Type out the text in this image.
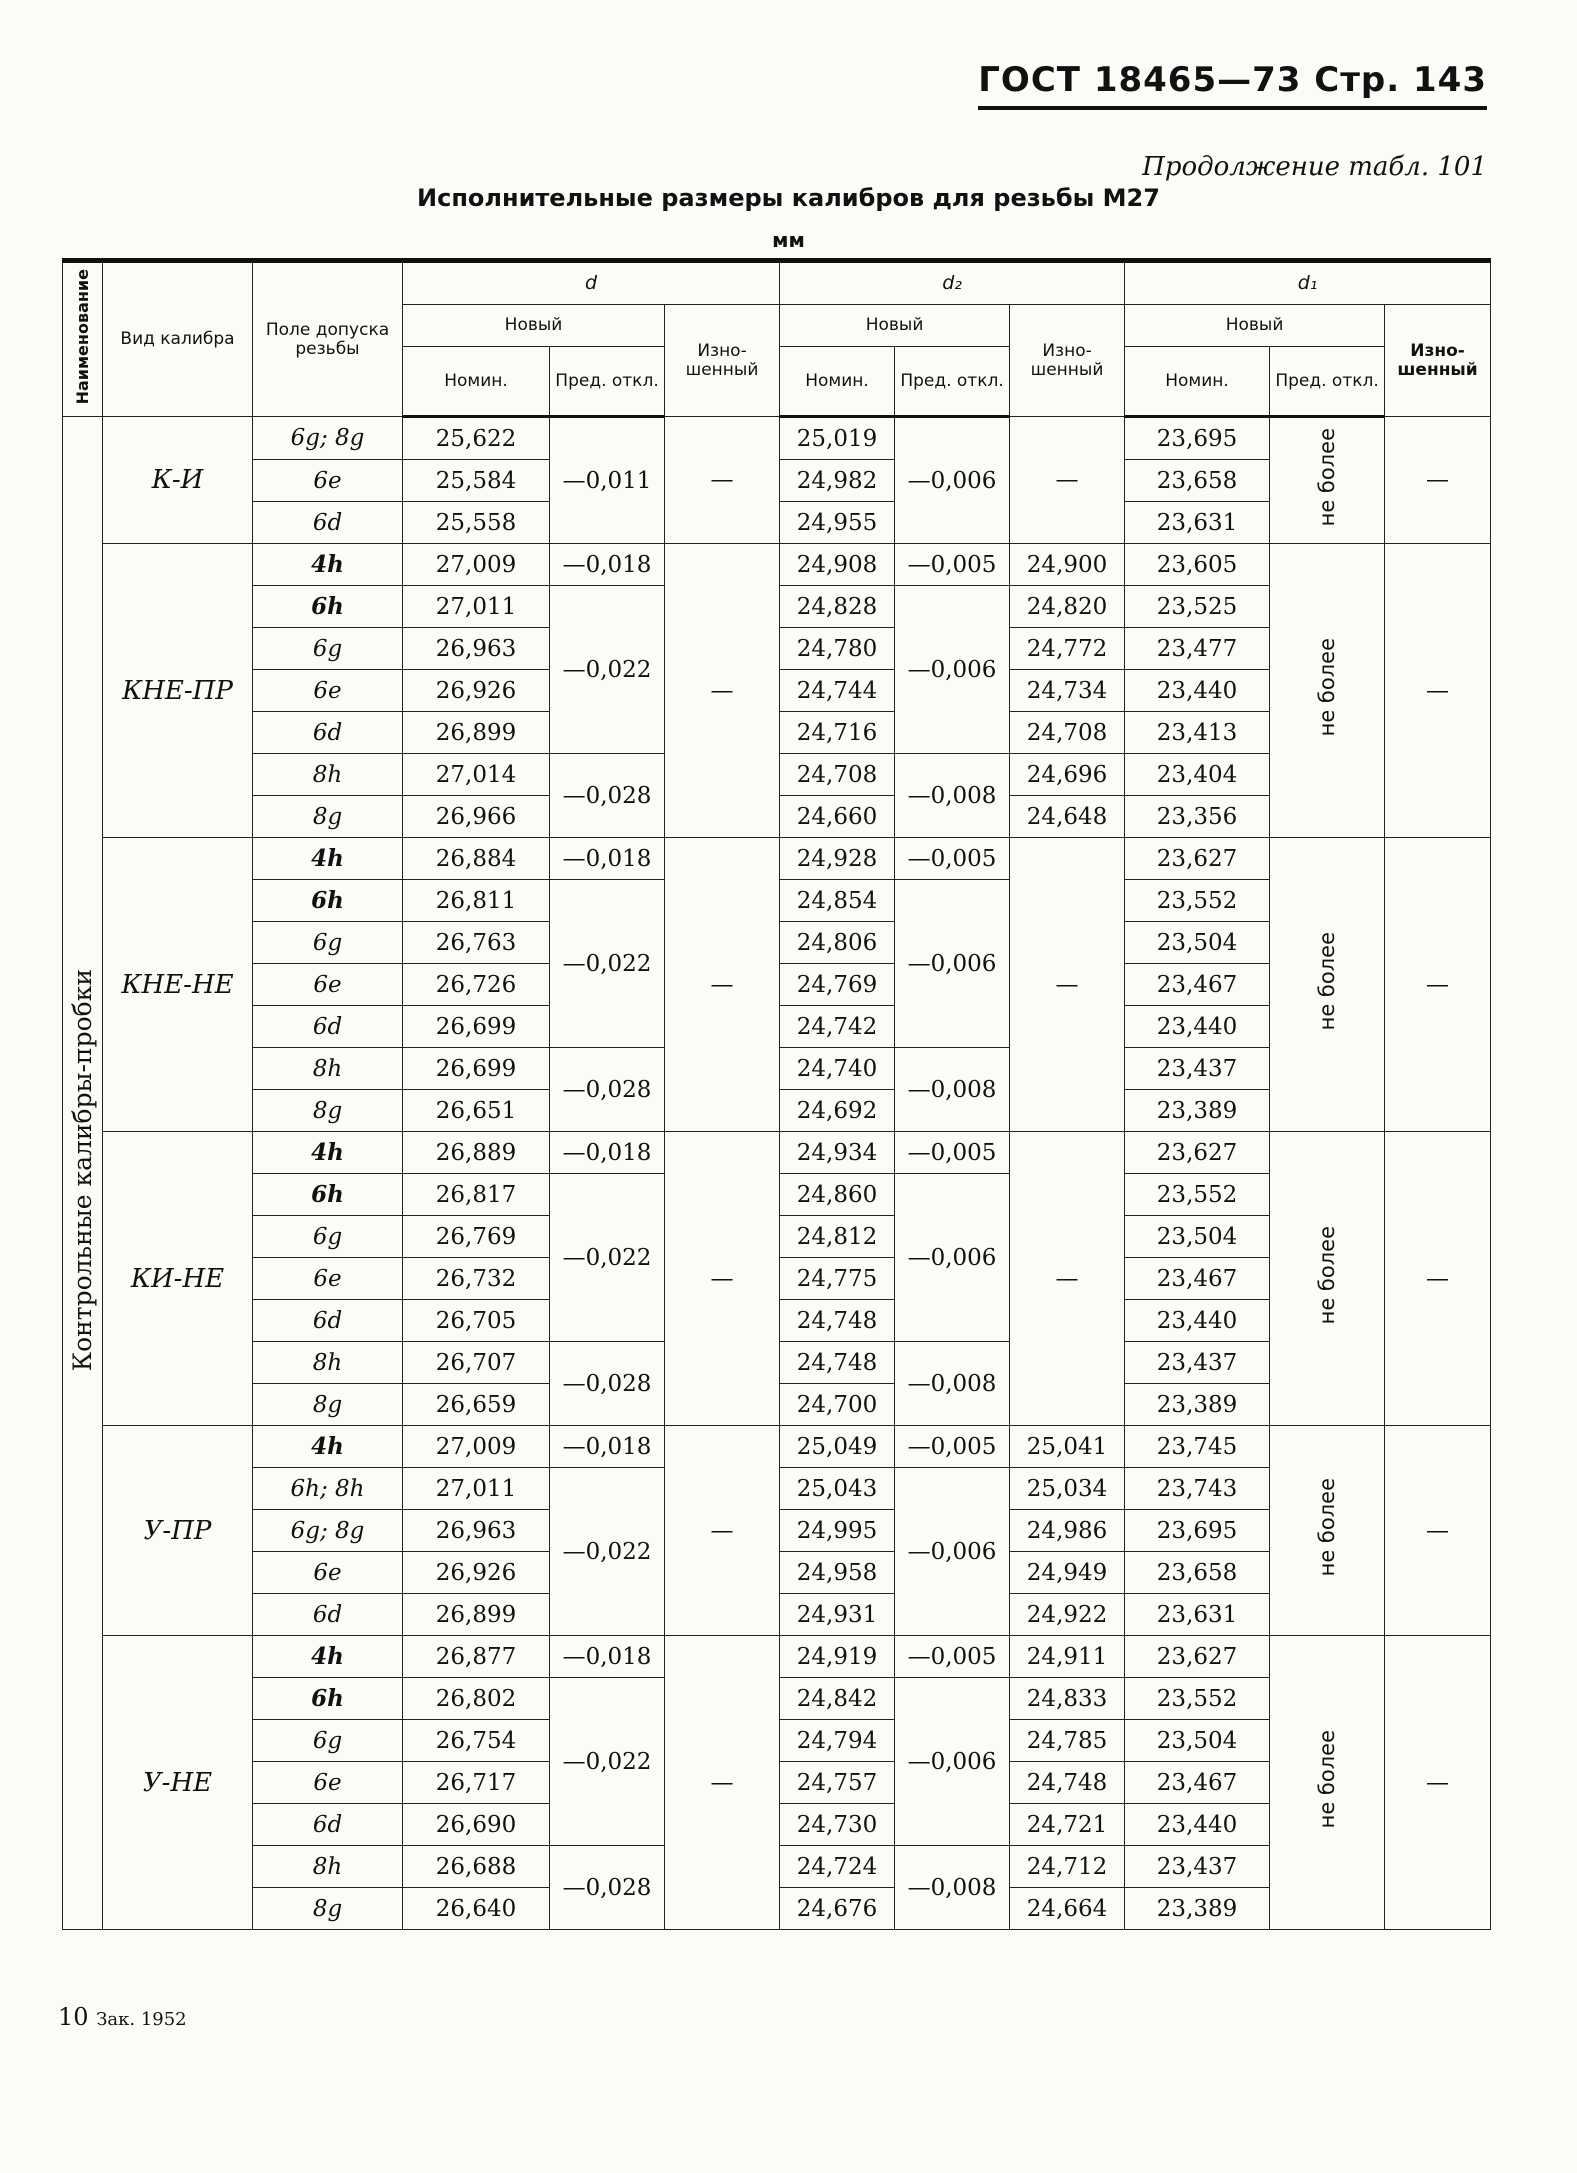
ГОСТ 18465—73 Стр. 143
Продолжение табл. 101
Исполнительные размеры калибров для резьбы М27
мм
Наименование	Вид калибра	Поле допуска резьбы	d			d₂			d₁		
			Новый		Изно-шенный	Новый		Изно-шенный	Новый		Изно-шенный
			Номин.	Пред. откл.		Номин.	Пред. откл.		Номин.	Пред. откл.	
Контрольные калибры-пробки	К-И	6g; 8g	25,622	—0,011	—	25,019	—0,006	—	23,695	не более	—
		6e	25,584			24,982			23,658		
		6d	25,558			24,955			23,631		
	КНЕ-ПР	4h	27,009	—0,018	—	24,908	—0,005	24,900	23,605	не более	—
		6h	27,011	—0,022		24,828	—0,006	24,820	23,525		
		6g	26,963			24,780		24,772	23,477		
		6e	26,926			24,744		24,734	23,440		
		6d	26,899			24,716		24,708	23,413		
		8h	27,014	—0,028		24,708	—0,008	24,696	23,404		
		8g	26,966			24,660		24,648	23,356		
	КНЕ-НЕ	4h	26,884	—0,018	—	24,928	—0,005	—	23,627	не более	—
		6h	26,811	—0,022		24,854	—0,006		23,552		
		6g	26,763			24,806			23,504		
		6e	26,726			24,769			23,467		
		6d	26,699			24,742			23,440		
		8h	26,699	—0,028		24,740	—0,008		23,437		
		8g	26,651			24,692			23,389		
	КИ-НЕ	4h	26,889	—0,018	—	24,934	—0,005	—	23,627	не более	—
		6h	26,817	—0,022		24,860	—0,006		23,552		
		6g	26,769			24,812			23,504		
		6e	26,732			24,775			23,467		
		6d	26,705			24,748			23,440		
		8h	26,707	—0,028		24,748	—0,008		23,437		
		8g	26,659			24,700			23,389		
	У-ПР	4h	27,009	—0,018	—	25,049	—0,005	25,041	23,745	не более	—
		6h; 8h	27,011	—0,022		25,043	—0,006	25,034	23,743		
		6g; 8g	26,963			24,995		24,986	23,695		
		6e	26,926			24,958		24,949	23,658		
		6d	26,899			24,931		24,922	23,631		
	У-НЕ	4h	26,877	—0,018	—	24,919	—0,005	24,911	23,627	не более	—
		6h	26,802	—0,022		24,842	—0,006	24,833	23,552		
		6g	26,754			24,794		24,785	23,504		
		6e	26,717			24,757		24,748	23,467		
		6d	26,690			24,730		24,721	23,440		
		8h	26,688	—0,028		24,724	—0,008	24,712	23,437		
		8g	26,640			24,676		24,664	23,389		
10 Зак. 1952
